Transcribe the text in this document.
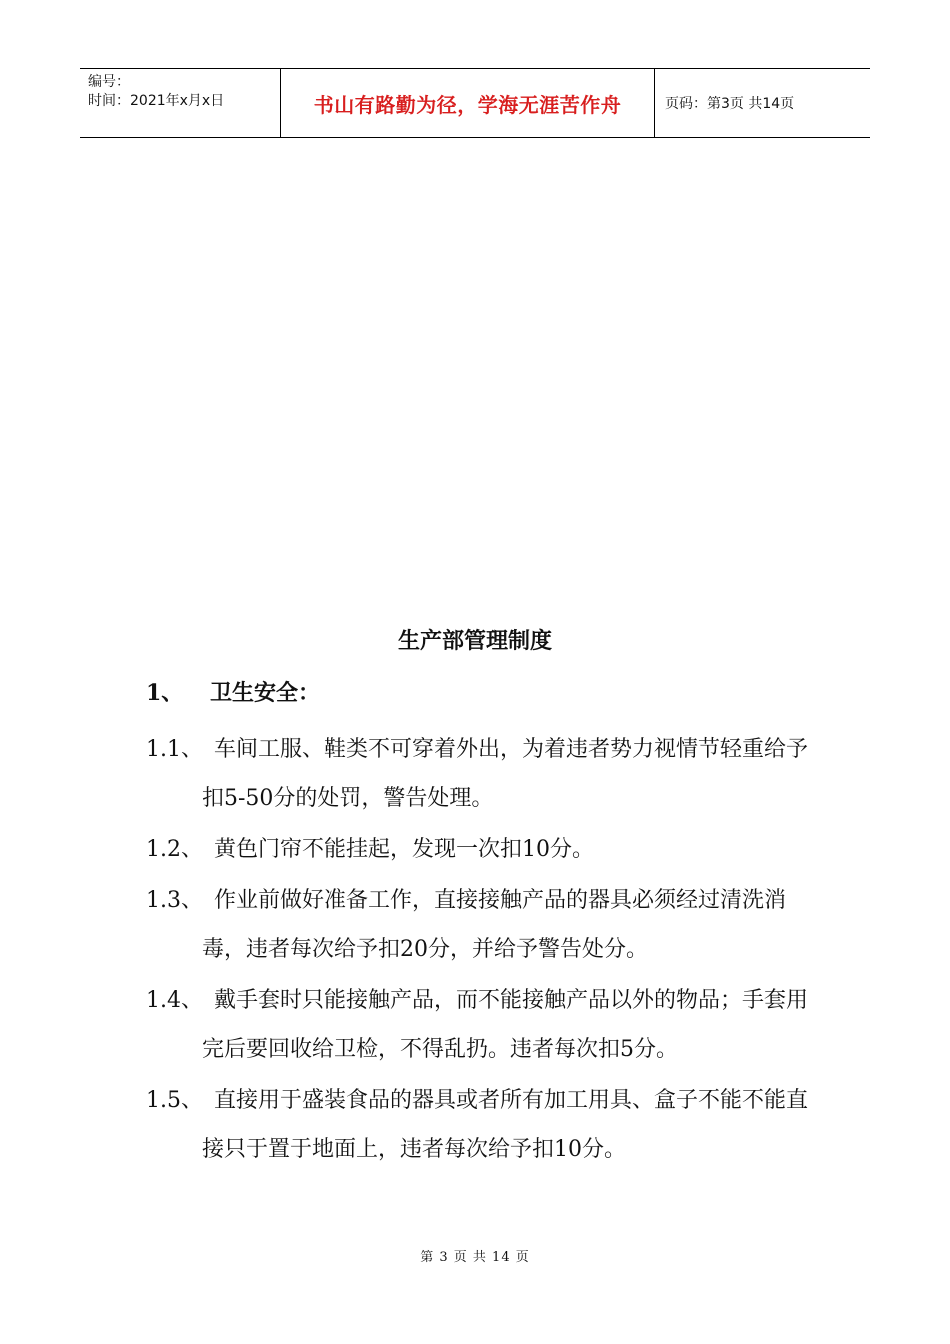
编号：
时间：2021年x月x日	书山有路勤为径，学海无涯苦作舟	页码：第3页 共14页
生产部管理制度
1、 卫生安全：
1.1、 车间工服、鞋类不可穿着外出，为着违者势力视情节轻重给予扣5-50分的处罚，警告处理。
1.2、 黄色门帘不能挂起，发现一次扣10分。
1.3、 作业前做好准备工作，直接接触产品的器具必须经过清洗消毒，违者每次给予扣20分，并给予警告处分。
1.4、 戴手套时只能接触产品，而不能接触产品以外的物品；手套用完后要回收给卫检，不得乱扔。违者每次扣5分。
1.5、 直接用于盛装食品的器具或者所有加工用具、盒子不能不能直接只于置于地面上，违者每次给予扣10分。
第 3 页 共 14 页
